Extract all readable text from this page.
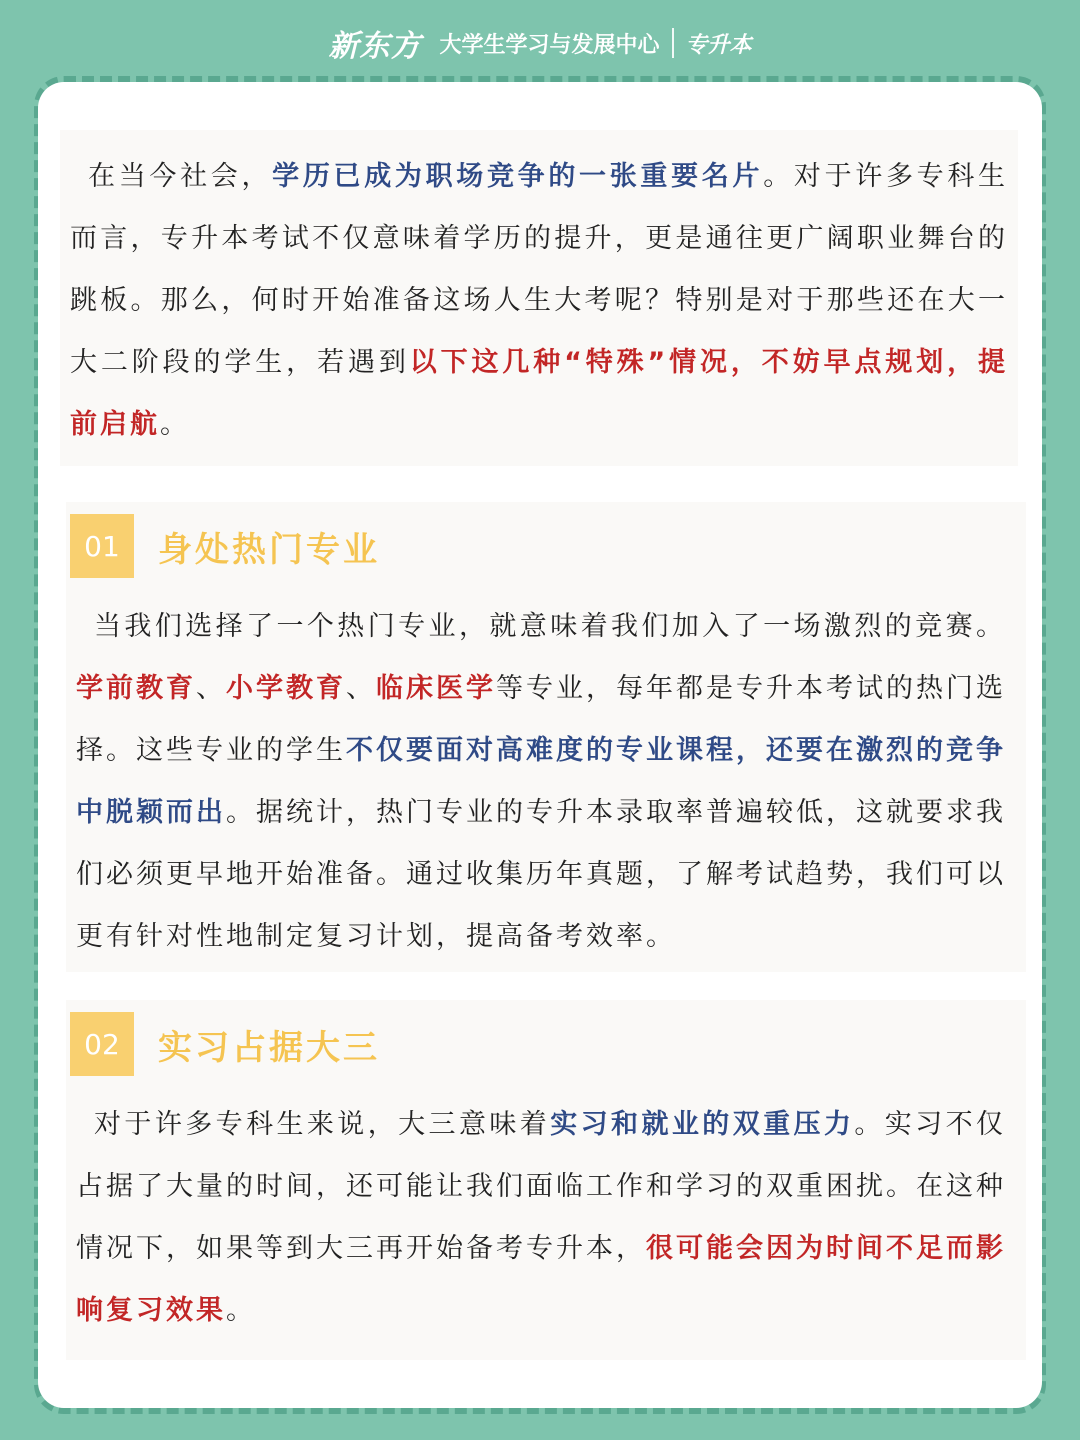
新东方 大学生学习与发展中心 专升本

在当今社会，学历已成为职场竞争的一张重要名片。对于许多专科生而言，专升本考试不仅意味着学历的提升，更是通往更广阔职业舞台的跳板。那么，何时开始准备这场人生大考呢？特别是对于那些还在大一大二阶段的学生，若遇到以下这几种“特殊”情况，不妨早点规划，提前启航。

01	身处热门专业

当我们选择了一个热门专业，就意味着我们加入了一场激烈的竞赛。学前教育、小学教育、临床医学等专业，每年都是专升本考试的热门选择。这些专业的学生不仅要面对高难度的专业课程，还要在激烈的竞争中脱颖而出。据统计，热门专业的专升本录取率普遍较低，这就要求我们必须更早地开始准备。通过收集历年真题，了解考试趋势，我们可以更有针对性地制定复习计划，提高备考效率。

02	实习占据大三

对于许多专科生来说，大三意味着实习和就业的双重压力。实习不仅占据了大量的时间，还可能让我们面临工作和学习的双重困扰。在这种情况下，如果等到大三再开始备考专升本，很可能会因为时间不足而影响复习效果。
